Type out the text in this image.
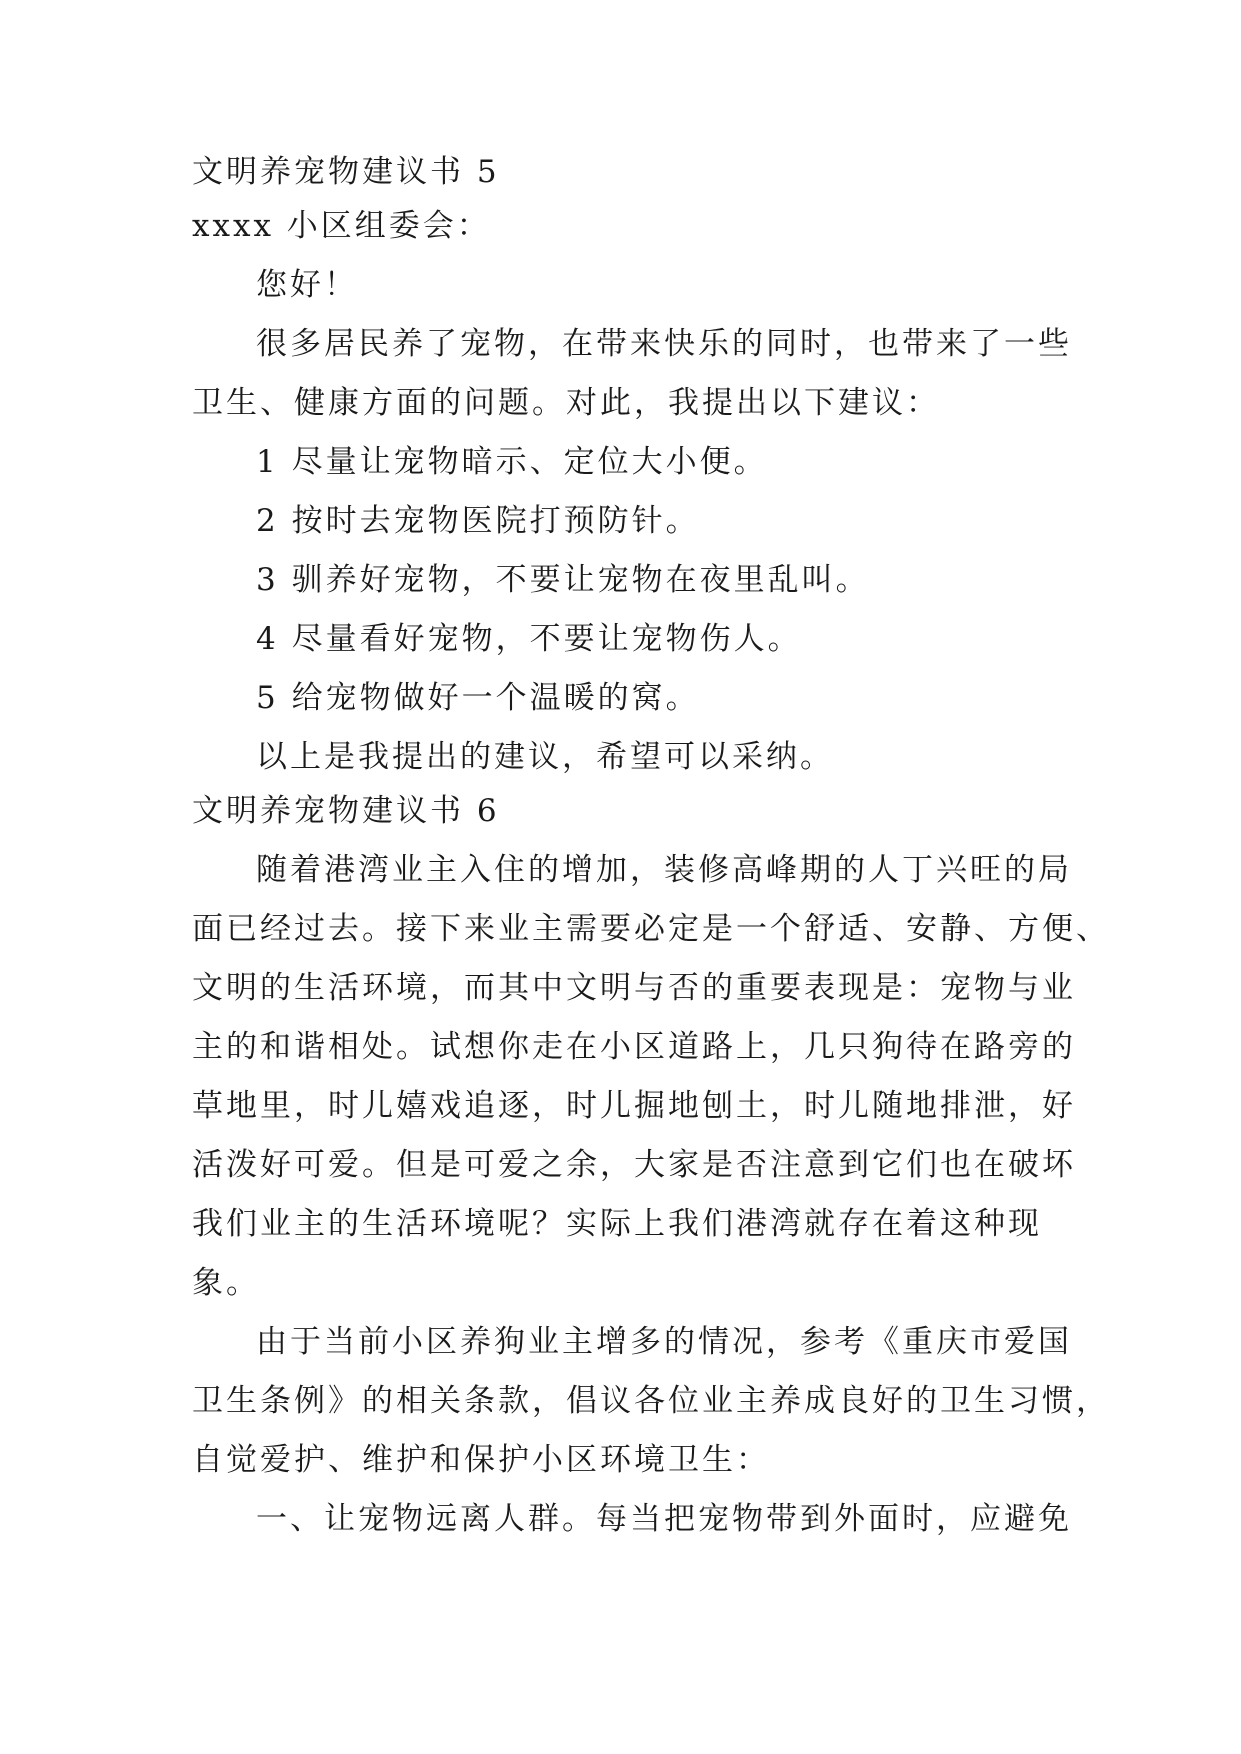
文明养宠物建议书 5
xxxx 小区组委会：
您好！
很多居民养了宠物，在带来快乐的同时，也带来了一些
卫生、健康方面的问题。对此，我提出以下建议：
1 尽量让宠物暗示、定位大小便。
2 按时去宠物医院打预防针。
3 驯养好宠物，不要让宠物在夜里乱叫。
4 尽量看好宠物，不要让宠物伤人。
5 给宠物做好一个温暖的窝。
以上是我提出的建议，希望可以采纳。
文明养宠物建议书 6
随着港湾业主入住的增加，装修高峰期的人丁兴旺的局
面已经过去。接下来业主需要必定是一个舒适、安静、方便、
文明的生活环境，而其中文明与否的重要表现是：宠物与业
主的和谐相处。试想你走在小区道路上，几只狗待在路旁的
草地里，时儿嬉戏追逐，时儿掘地刨土，时儿随地排泄，好
活泼好可爱。但是可爱之余，大家是否注意到它们也在破坏
我们业主的生活环境呢？实际上我们港湾就存在着这种现
象。
由于当前小区养狗业主增多的情况，参考《重庆市爱国
卫生条例》的相关条款，倡议各位业主养成良好的卫生习惯，
自觉爱护、维护和保护小区环境卫生：
一、让宠物远离人群。每当把宠物带到外面时，应避免
